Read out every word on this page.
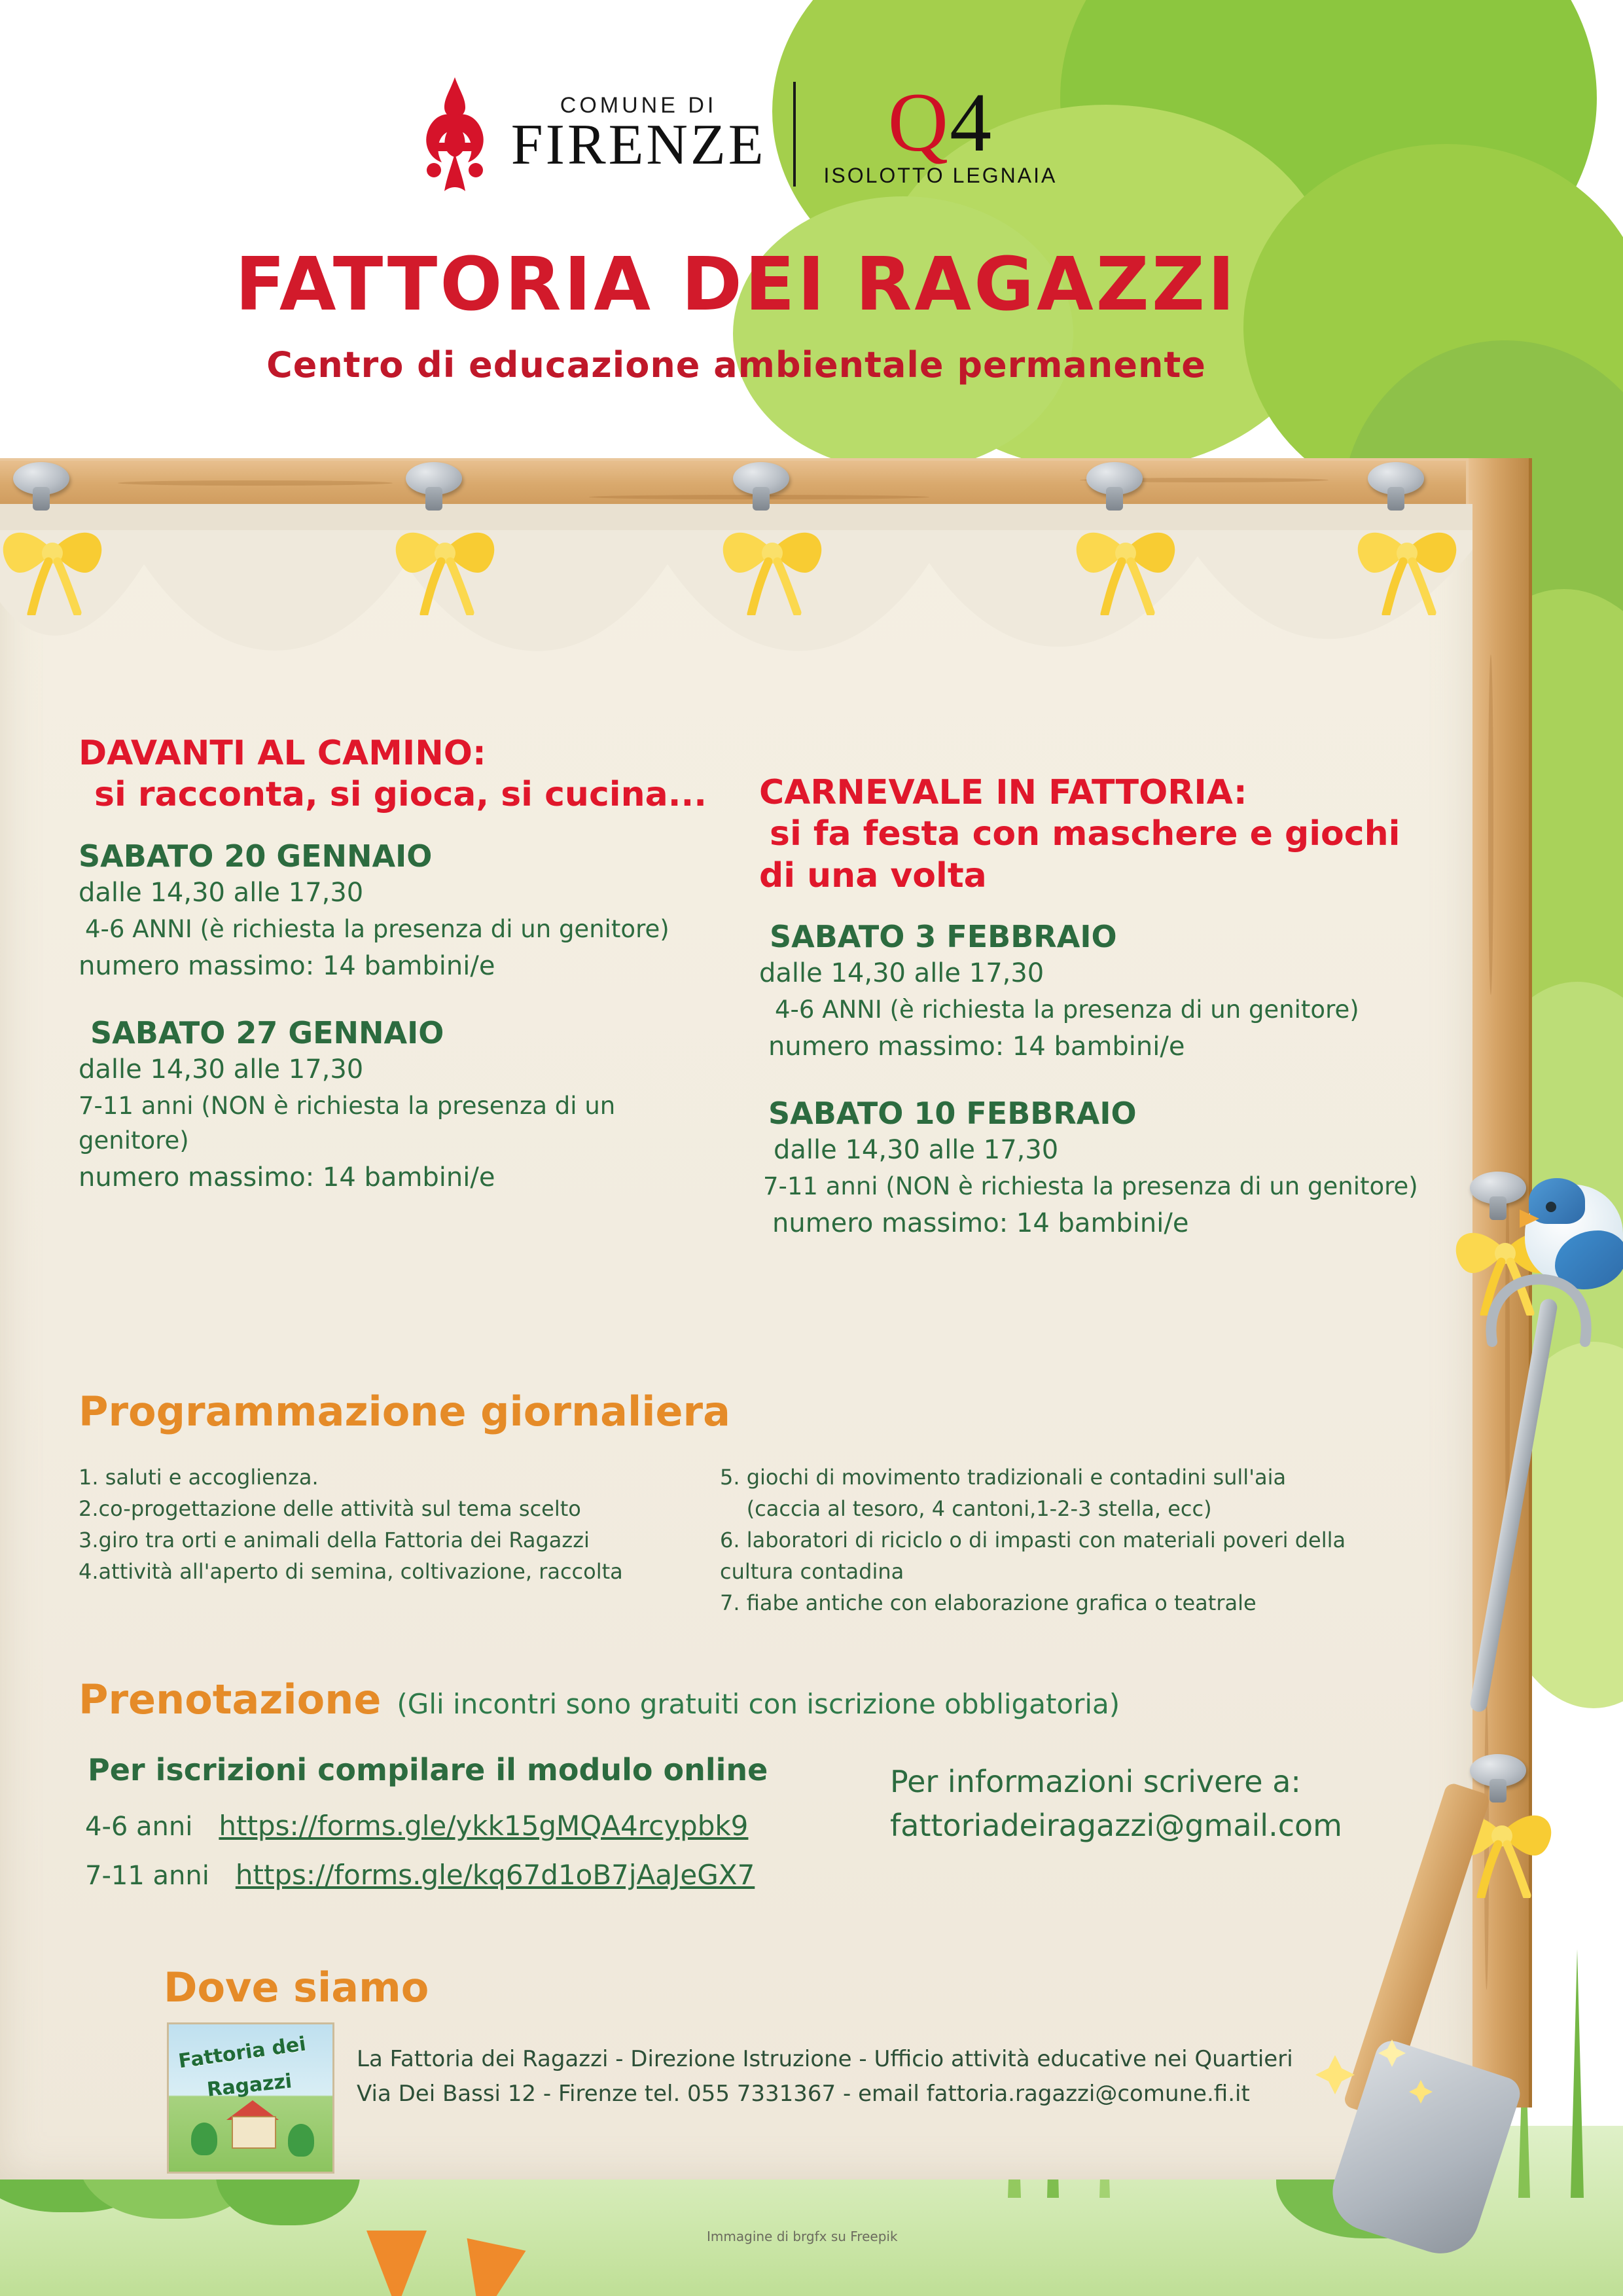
COMUNE DI
FIRENZE	Q4
ISOLOTTO LEGNAIA
FATTORIA DEI RAGAZZI
Centro di educazione ambientale permanente
DAVANTI AL CAMINO:
si racconta, si gioca, si cucina...
SABATO 20 GENNAIO
dalle 14,30 alle 17,30
4-6 ANNI (è richiesta la presenza di un genitore)
numero massimo: 14 bambini/e
SABATO 27 GENNAIO
dalle 14,30 alle 17,30
7-11 anni (NON è richiesta la presenza di un genitore)
numero massimo: 14 bambini/e
CARNEVALE IN FATTORIA:
si fa festa con maschere e giochi
di una volta
SABATO 3 FEBBRAIO
dalle 14,30 alle 17,30
4-6 ANNI (è richiesta la presenza di un genitore)
numero massimo: 14 bambini/e
SABATO 10 FEBBRAIO
dalle 14,30 alle 17,30
7-11 anni (NON è richiesta la presenza di un genitore)
numero massimo: 14 bambini/e
Programmazione giornaliera
1. saluti e accoglienza.
2.co-progettazione delle attività sul tema scelto
3.giro tra orti e animali della Fattoria dei Ragazzi
4.attività all'aperto di semina, coltivazione, raccolta
5. giochi di movimento tradizionali e contadini sull'aia
(caccia al tesoro, 4 cantoni,1-2-3 stella, ecc)
6. laboratori di riciclo o di impasti con materiali poveri della
cultura contadina
7. fiabe antiche con elaborazione grafica o teatrale
Prenotazione (Gli incontri sono gratuiti con iscrizione obbligatoria)
Per iscrizioni compilare il modulo online
4-6 anni https://forms.gle/ykk15gMQA4rcypbk9
7-11 anni https://forms.gle/kq67d1oB7jAaJeGX7
Per informazioni scrivere a:
fattoriadeiragazzi@gmail.com
Dove siamo
Fattoria dei
Ragazzi
La Fattoria dei Ragazzi - Direzione Istruzione - Ufficio attività educative nei Quartieri
Via Dei Bassi 12 - Firenze tel. 055 7331367 - email fattoria.ragazzi@comune.fi.it
Immagine di brgfx su Freepik
